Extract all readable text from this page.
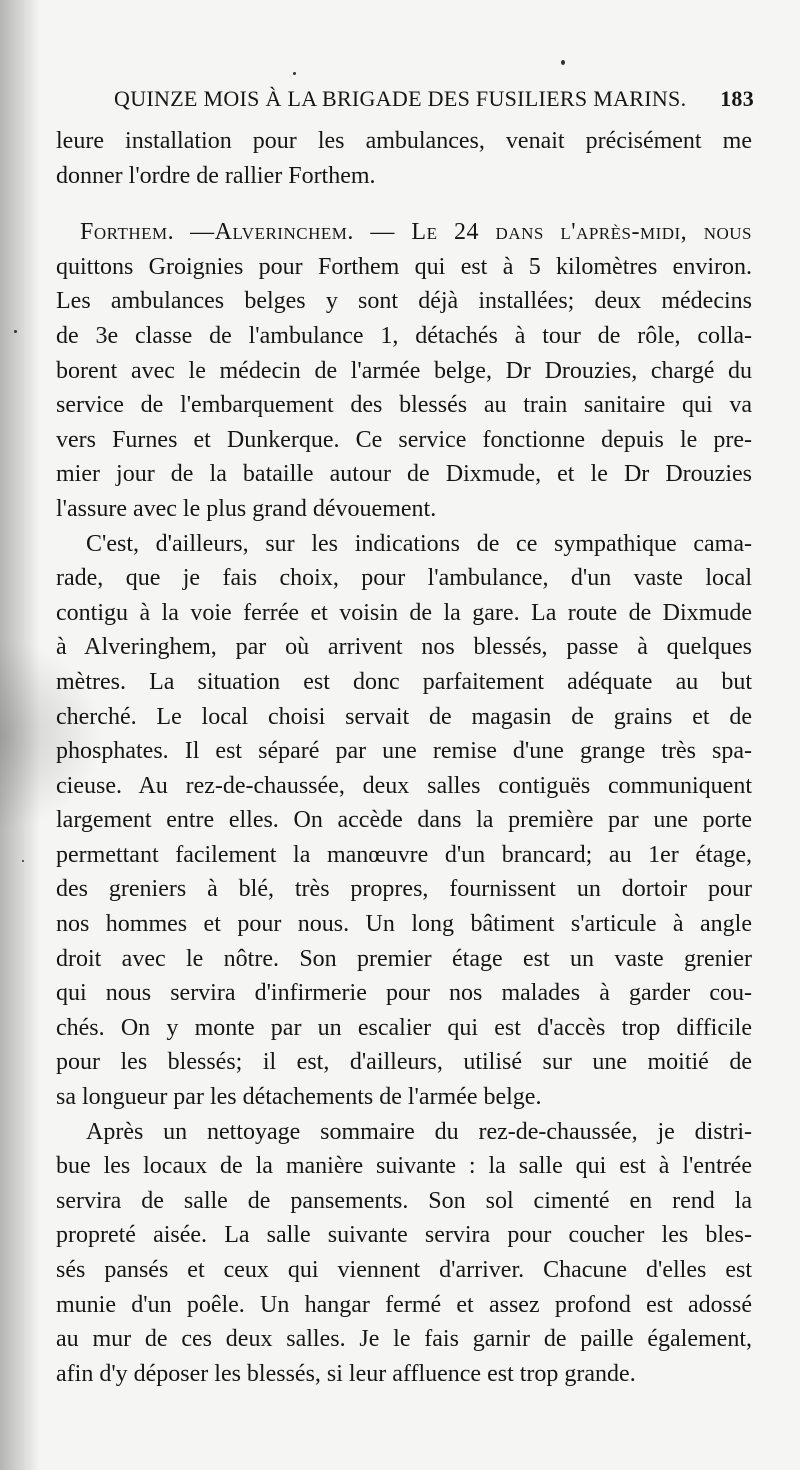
QUINZE MOIS À LA BRIGADE DES FUSILIERS MARINS. 183
leure installation pour les ambulances, venait précisément me
donner l'ordre de rallier Forthem.
Forthem. —Alverinchem. — Le 24 dans l'après-midi, nous
quittons Groignies pour Forthem qui est à 5 kilomètres environ.
Les ambulances belges y sont déjà installées; deux médecins
de 3e classe de l'ambulance 1, détachés à tour de rôle, colla-
borent avec le médecin de l'armée belge, Dr Drouzies, chargé du
service de l'embarquement des blessés au train sanitaire qui va
vers Furnes et Dunkerque. Ce service fonctionne depuis le pre-
mier jour de la bataille autour de Dixmude, et le Dr Drouzies
l'assure avec le plus grand dévouement.
C'est, d'ailleurs, sur les indications de ce sympathique cama-
rade, que je fais choix, pour l'ambulance, d'un vaste local
contigu à la voie ferrée et voisin de la gare. La route de Dixmude
à Alveringhem, par où arrivent nos blessés, passe à quelques
mètres. La situation est donc parfaitement adéquate au but
cherché. Le local choisi servait de magasin de grains et de
phosphates. Il est séparé par une remise d'une grange très spa-
cieuse. Au rez-de-chaussée, deux salles contiguës communiquent
largement entre elles. On accède dans la première par une porte
permettant facilement la manœuvre d'un brancard; au 1er étage,
des greniers à blé, très propres, fournissent un dortoir pour
nos hommes et pour nous. Un long bâtiment s'articule à angle
droit avec le nôtre. Son premier étage est un vaste grenier
qui nous servira d'infirmerie pour nos malades à garder cou-
chés. On y monte par un escalier qui est d'accès trop difficile
pour les blessés; il est, d'ailleurs, utilisé sur une moitié de
sa longueur par les détachements de l'armée belge.
Après un nettoyage sommaire du rez-de-chaussée, je distri-
bue les locaux de la manière suivante : la salle qui est à l'entrée
servira de salle de pansements. Son sol cimenté en rend la
propreté aisée. La salle suivante servira pour coucher les bles-
sés pansés et ceux qui viennent d'arriver. Chacune d'elles est
munie d'un poêle. Un hangar fermé et assez profond est adossé
au mur de ces deux salles. Je le fais garnir de paille également,
afin d'y déposer les blessés, si leur affluence est trop grande.
